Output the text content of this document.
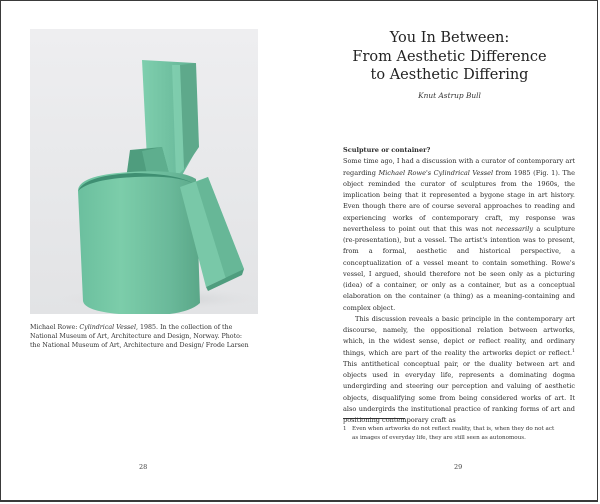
Michael Rowe: Cylindrical Vessel, 1985. In the collection of the National Museum of Art, Architecture and Design, Norway. Photo: the National Museum of Art, Architecture and Design/ Frode Larsen
28
You In Between:
From Aesthetic Difference
to Aesthetic Differing
Knut Astrup Bull
Sculpture or container?

Some time ago, I had a discussion with a curator of contemporary art regarding Michael Rowe's Cylindrical Vessel from 1985 (Fig. 1). The object reminded the curator of sculptures from the 1960s, the implication being that it represented a bygone stage in art history. Even though there are of course several approaches to reading and experiencing works of contemporary craft, my response was nevertheless to point out that this was not necessarily a sculpture (re-presentation), but a vessel. The artist's intention was to present, from a formal, aesthetic and historical perspective, a conceptualization of a vessel meant to contain something. Rowe's vessel, I argued, should therefore not be seen only as a picturing (idea) of a container, or only as a container, but as a conceptual elaboration on the container (a thing) as a meaning-containing and complex object.

This discussion reveals a basic principle in the contemporary art discourse, namely, the oppositional relation between artworks, which, in the widest sense, depict or reflect reality, and ordinary things, which are part of the reality the artworks depict or reflect.$^1$ This antithetical conceptual pair, or the duality between art and objects used in everyday life, represents a dominating dogma undergirding and steering our perception and valuing of aesthetic objects, disqualifying some from being considered works of art. It also undergirds the institutional practice of ranking forms of art and positioning contemporary craft as

1 Even when artworks do not reflect reality, that is, when they do not act as images of everyday life, they are still seen as autonomous.
29
